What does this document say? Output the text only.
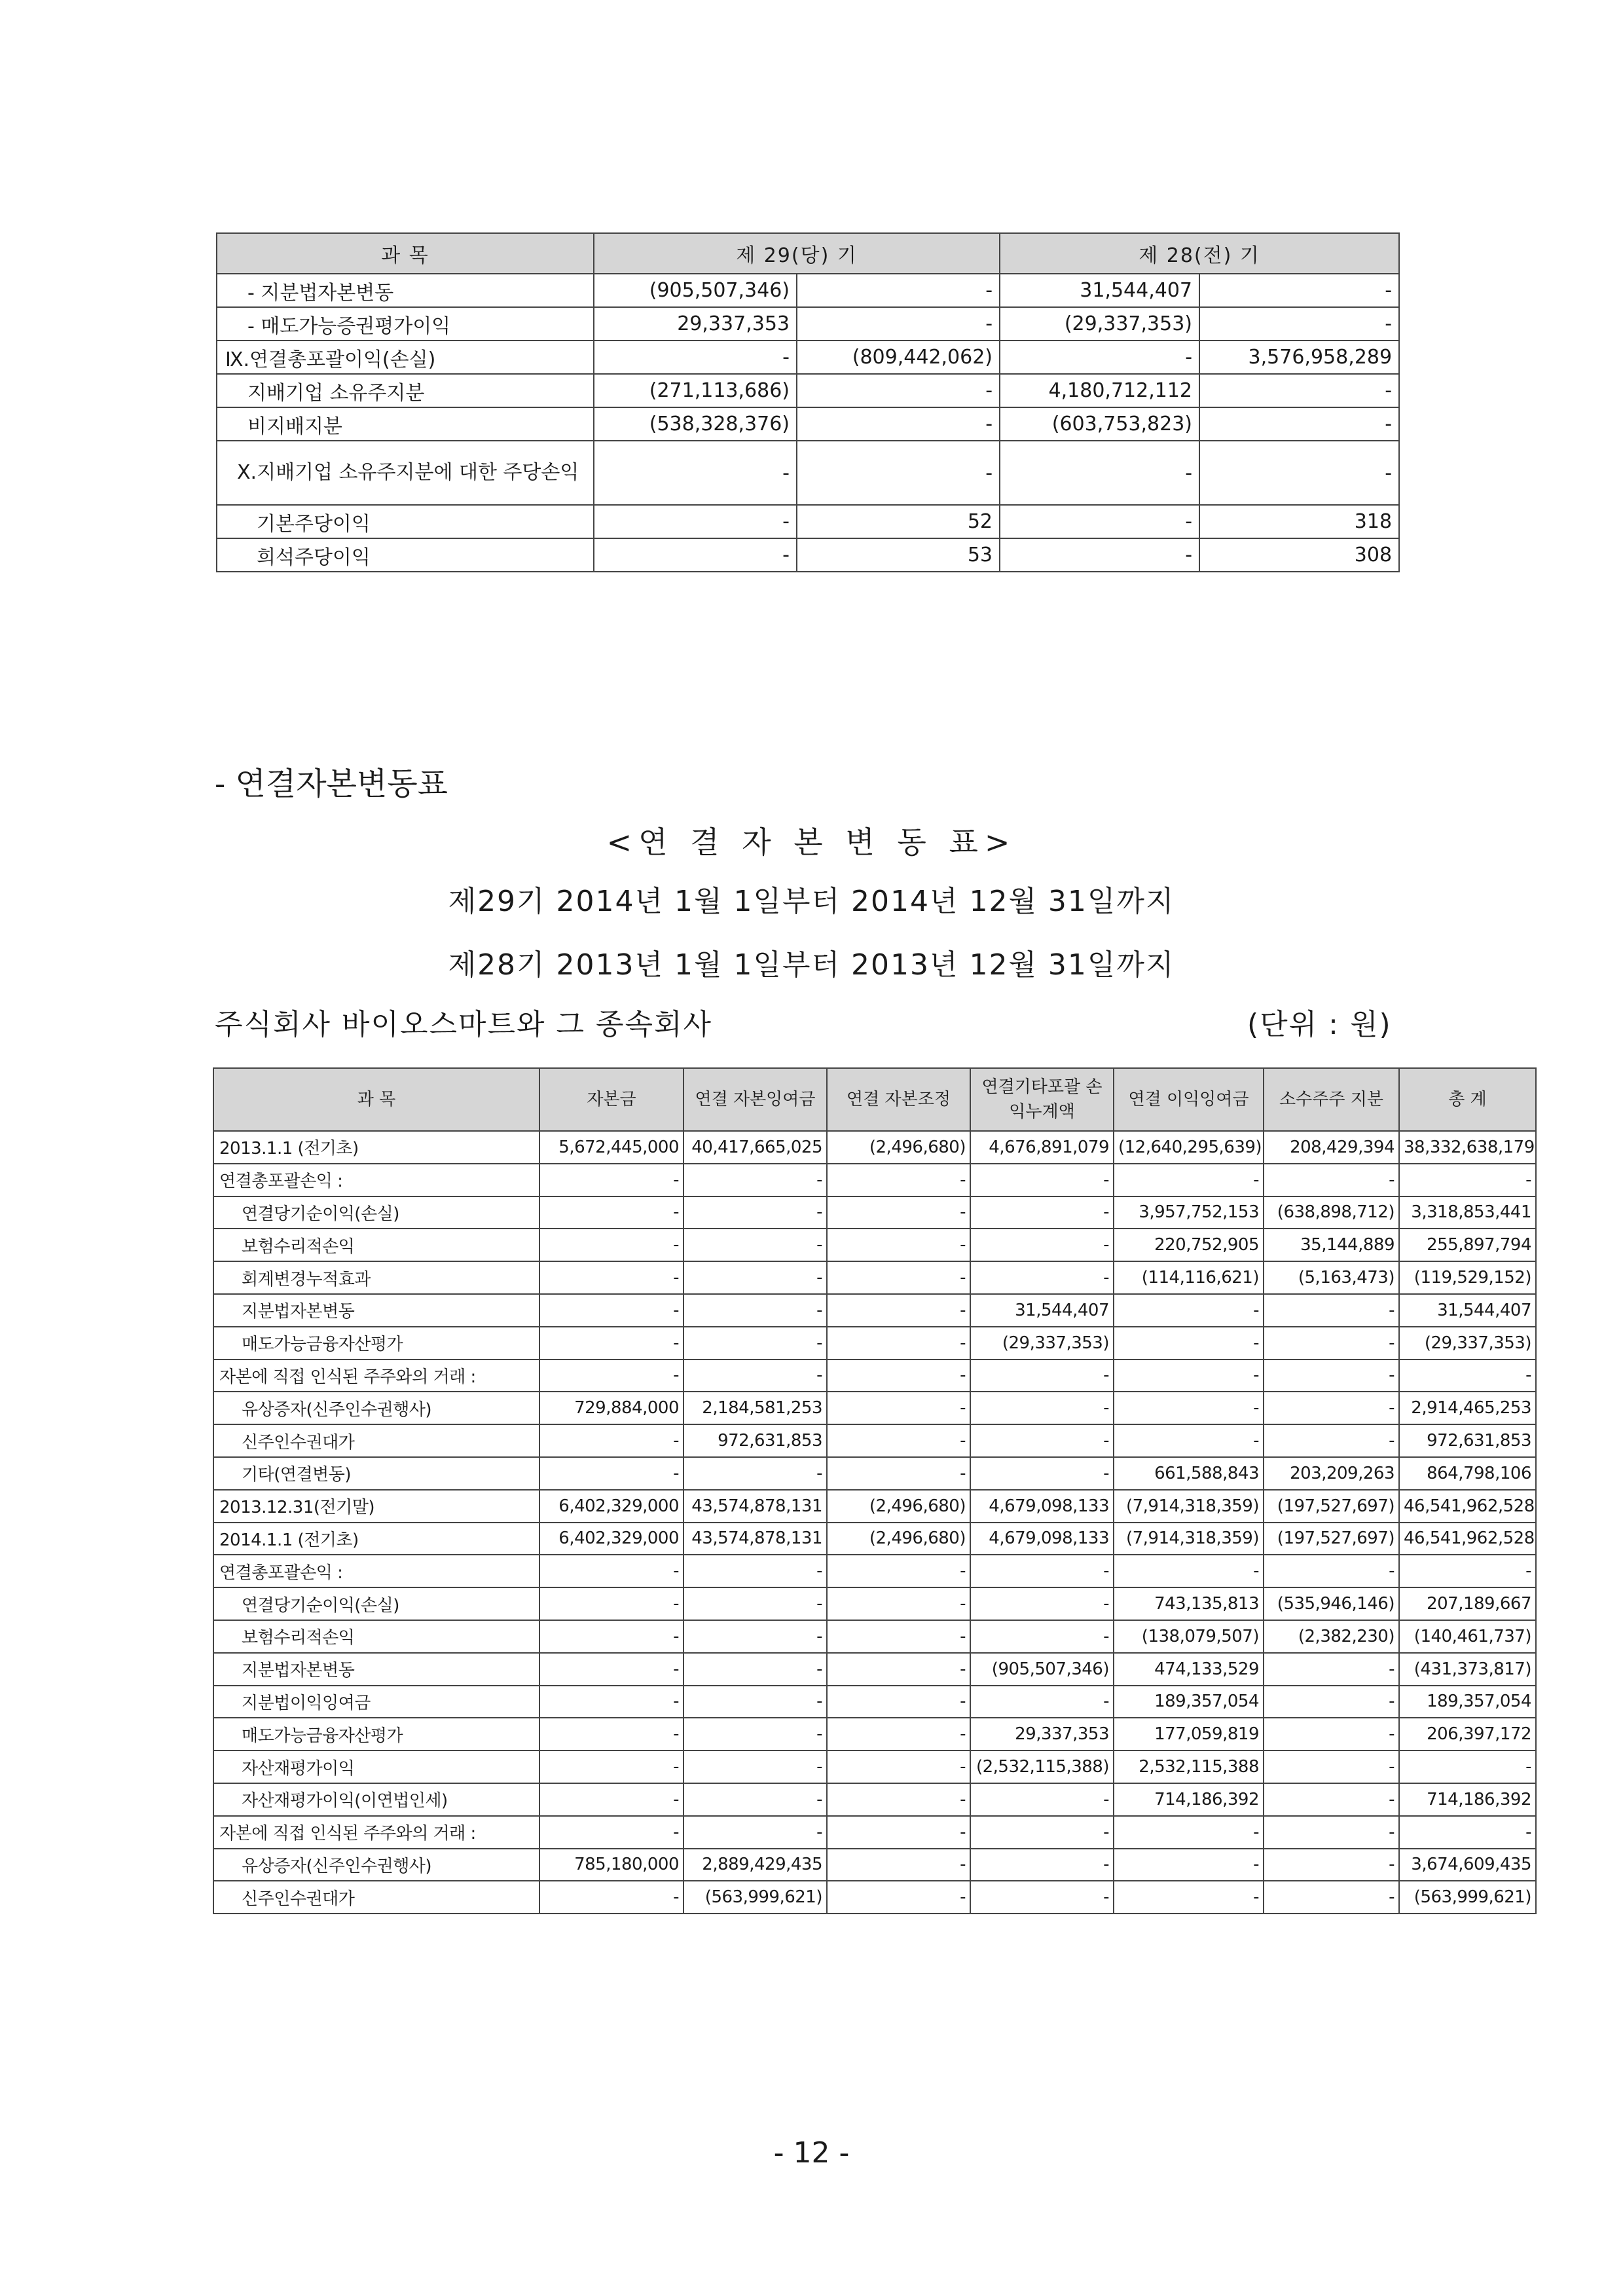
과 목	제 29(당) 기		제 28(전) 기	
- 지분법자본변동	(905,507,346)	-	31,544,407	-
- 매도가능증권평가이익	29,337,353	-	(29,337,353)	-
Ⅸ.연결총포괄이익(손실)	-	(809,442,062)	-	3,576,958,289
지배기업 소유주지분	(271,113,686)	-	4,180,712,112	-
비지배지분	(538,328,376)	-	(603,753,823)	-
Ⅹ.지배기업 소유주지분에 대한 주당손익	-	-	-	-
기본주당이익	-	52	-	318
희석주당이익	-	53	-	308
- 연결자본변동표
<연 결 자 본 변 동 표>
제29기 2014년 1월 1일부터 2014년 12월 31일까지
제28기 2013년 1월 1일부터 2013년 12월 31일까지
주식회사 바이오스마트와 그 종속회사	(단위 : 원)
과 목	자본금	연결 자본잉여금	연결 자본조정	연결기타포괄 손익누계액	연결 이익잉여금	소수주주 지분	총 계
2013.1.1 (전기초)	5,672,445,000	40,417,665,025	(2,496,680)	4,676,891,079	(12,640,295,639)	208,429,394	38,332,638,179
연결총포괄손익 :	-	-	-	-	-	-	-
연결당기순이익(손실)	-	-	-	-	3,957,752,153	(638,898,712)	3,318,853,441
보험수리적손익	-	-	-	-	220,752,905	35,144,889	255,897,794
회계변경누적효과	-	-	-	-	(114,116,621)	(5,163,473)	(119,529,152)
지분법자본변동	-	-	-	31,544,407	-	-	31,544,407
매도가능금융자산평가	-	-	-	(29,337,353)	-	-	(29,337,353)
자본에 직접 인식된 주주와의 거래 :	-	-	-	-	-	-	-
유상증자(신주인수권행사)	729,884,000	2,184,581,253	-	-	-	-	2,914,465,253
신주인수권대가	-	972,631,853	-	-	-	-	972,631,853
기타(연결변동)	-	-	-	-	661,588,843	203,209,263	864,798,106
2013.12.31(전기말)	6,402,329,000	43,574,878,131	(2,496,680)	4,679,098,133	(7,914,318,359)	(197,527,697)	46,541,962,528
2014.1.1 (전기초)	6,402,329,000	43,574,878,131	(2,496,680)	4,679,098,133	(7,914,318,359)	(197,527,697)	46,541,962,528
연결총포괄손익 :	-	-	-	-	-	-	-
연결당기순이익(손실)	-	-	-	-	743,135,813	(535,946,146)	207,189,667
보험수리적손익	-	-	-	-	(138,079,507)	(2,382,230)	(140,461,737)
지분법자본변동	-	-	-	(905,507,346)	474,133,529	-	(431,373,817)
지분법이익잉여금	-	-	-	-	189,357,054	-	189,357,054
매도가능금융자산평가	-	-	-	29,337,353	177,059,819	-	206,397,172
자산재평가이익	-	-	-	(2,532,115,388)	2,532,115,388	-	-
자산재평가이익(이연법인세)	-	-	-	-	714,186,392	-	714,186,392
자본에 직접 인식된 주주와의 거래 :	-	-	-	-	-	-	-
유상증자(신주인수권행사)	785,180,000	2,889,429,435	-	-	-	-	3,674,609,435
신주인수권대가	-	(563,999,621)	-	-	-	-	(563,999,621)
- 12 -
